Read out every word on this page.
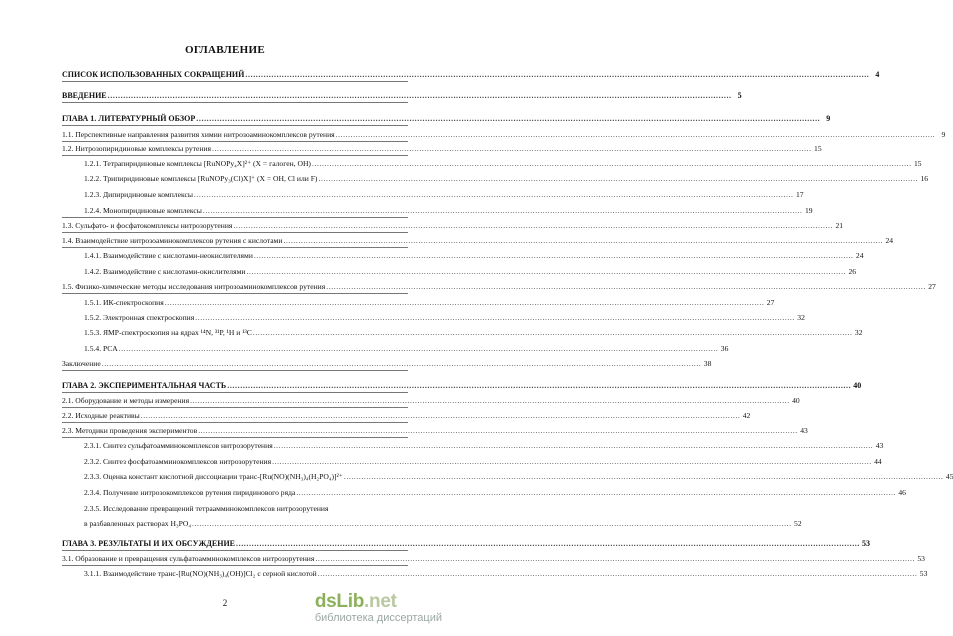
ОГЛАВЛЕНИЕ
СПИСОК ИСПОЛЬЗОВАННЫХ СОКРАЩЕНИЙ .....	4
ВВЕДЕНИЕ .....	5
ГЛАВА 1. ЛИТЕРАТУРНЫЙ ОБЗОР .....	9
1.1. Перспективные направления развития химии нитрозоаминокомплексов рутения .....	9
1.2. Нитрозопиридиновые комплексы рутения .....	15
1.2.1. Тетрапиридиновые комплексы [RuNOPy₄X]²⁺ (X = галоген, OH) .....	15
1.2.2. Трипиридиновые комплексы [RuNOPy₃(Cl)X]⁺ (X = OH, Cl или F) .....	16
1.2.3. Дипиридиновые комплексы .....	17
1.2.4. Монопиридиновые комплексы .....	19
1.3. Сульфато- и фосфатокомплексы нитрозорутения .....	21
1.4. Взаимодействие нитрозоаминокомплексов рутения с кислотами .....	24
1.4.1. Взаимодействие с кислотами-неокислителями .....	24
1.4.2. Взаимодействие с кислотами-окислителями .....	26
1.5. Физико-химические методы исследования нитрозоаминокомплексов рутения .....	27
1.5.1. ИК-спектроскопия .....	27
1.5.2. Электронная спектроскопия .....	32
1.5.3. ЯМР-спектроскопия на ядрах ¹⁴N, ³¹P, ¹H и ¹³C .....	32
1.5.4. PCA .....	36
Заключение .....	38
ГЛАВА 2. ЭКСПЕРИМЕНТАЛЬНАЯ ЧАСТЬ .....	40
2.1. Оборудование и методы измерения .....	40
2.2. Исходные реактивы .....	42
2.3. Методики проведения экспериментов .....	43
2.3.1. Синтез сульфатоамминокомплексов нитрозорутения .....	43
2.3.2. Синтез фосфатоамминокомплексов нитрозорутения .....	44
2.3.3. Оценка констант кислотной диссоциации транс-[Ru(NO)(NH₃)₄(H₂PO₄)]²⁺ .....	45
2.3.4. Получение нитрозокомплексов рутения пиридинового ряда .....	46
2.3.5. Исследование превращений тетраамминокомплексов нитрозорутения
в разбавленных растворах H₃PO₄ .....	52
ГЛАВА 3. РЕЗУЛЬТАТЫ И ИХ ОБСУЖДЕНИЕ .....	53
3.1. Образование и превращения сульфатоамминокомплексов нитрозорутения .....	53
3.1.1. Взаимодействие транс-[Ru(NO)(NH₃)₄(OH)]Cl₂ с серной кислотой .....	53
2	dsLib.net
библиотека диссертаций
